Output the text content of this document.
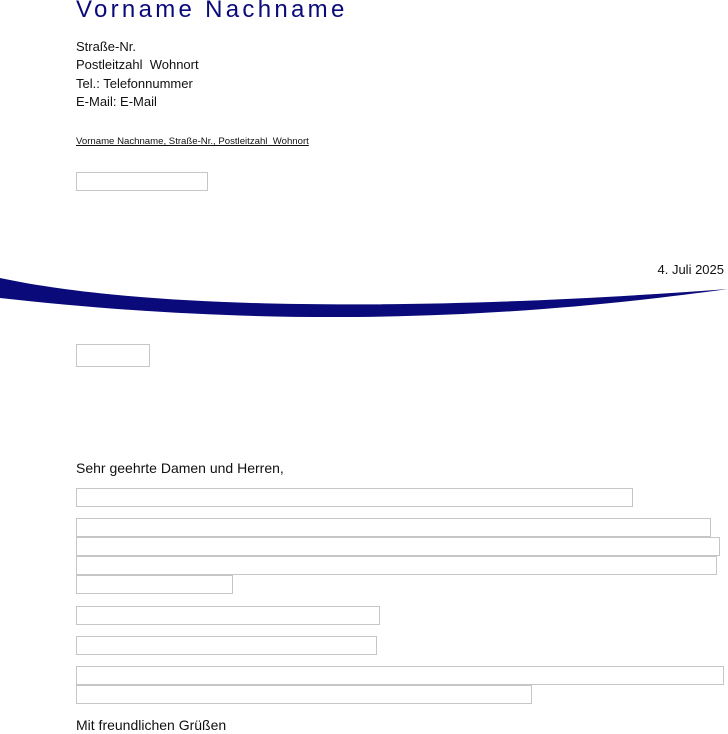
Vorname Nachname
Straße-Nr.
Postleitzahl  Wohnort
Tel.: Telefonnummer
E-Mail: E-Mail
Vorname Nachname, Straße-Nr., Postleitzahl  Wohnort
4. Juli 2025
Sehr geehrte Damen und Herren,
Mit freundlichen Grüßen
